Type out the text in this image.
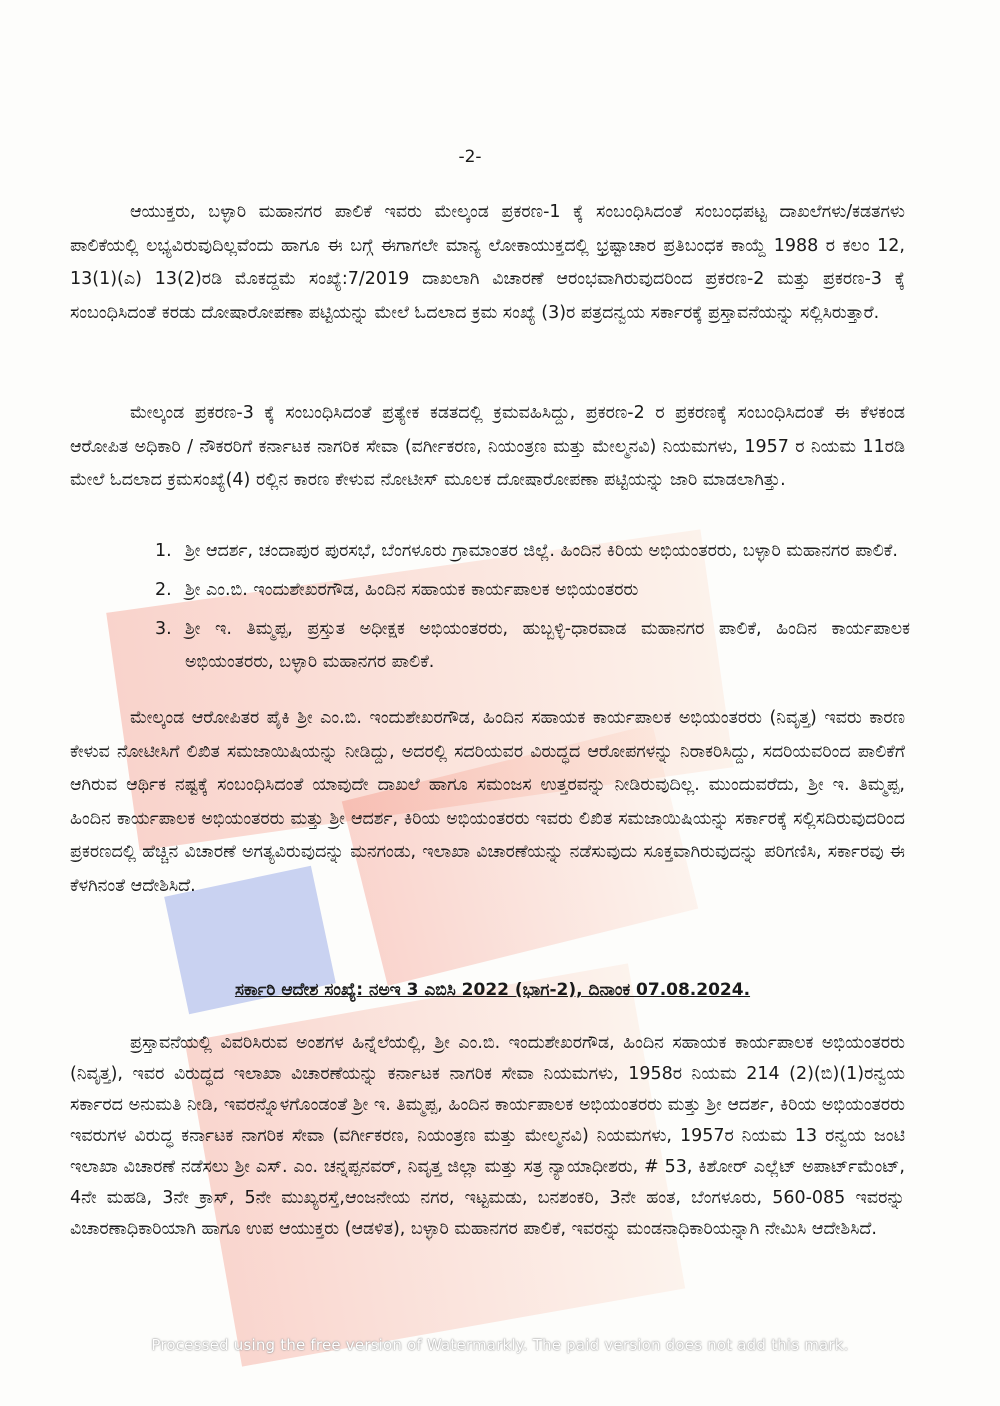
-2-

ಆಯುಕ್ತರು, ಬಳ್ಳಾರಿ ಮಹಾನಗರ ಪಾಲಿಕೆ ಇವರು ಮೇಲ್ಕಂಡ ಪ್ರಕರಣ-1 ಕ್ಕೆ ಸಂಬಂಧಿಸಿದಂತೆ ಸಂಬಂಧಪಟ್ಟ ದಾಖಲೆಗಳು/ಕಡತಗಳು ಪಾಲಿಕೆಯಲ್ಲಿ ಲಭ್ಯವಿರುವುದಿಲ್ಲವೆಂದು ಹಾಗೂ ಈ ಬಗ್ಗೆ ಈಗಾಗಲೇ ಮಾನ್ಯ ಲೋಕಾಯುಕ್ತದಲ್ಲಿ ಭ್ರಷ್ಟಾಚಾರ ಪ್ರತಿಬಂಧಕ ಕಾಯ್ದೆ 1988 ರ ಕಲಂ 12, 13(1)(ಎ) 13(2)ರಡಿ ಮೊಕದ್ದಮೆ ಸಂಖ್ಯೆ:7/2019 ದಾಖಲಾಗಿ ವಿಚಾರಣೆ ಆರಂಭವಾಗಿರುವುದರಿಂದ ಪ್ರಕರಣ-2 ಮತ್ತು ಪ್ರಕರಣ-3 ಕ್ಕೆ ಸಂಬಂಧಿಸಿದಂತೆ ಕರಡು ದೋಷಾರೋಪಣಾ ಪಟ್ಟಿಯನ್ನು ಮೇಲೆ ಓದಲಾದ ಕ್ರಮ ಸಂಖ್ಯೆ (3)ರ ಪತ್ರದನ್ವಯ ಸರ್ಕಾರಕ್ಕೆ ಪ್ರಸ್ತಾವನೆಯನ್ನು ಸಲ್ಲಿಸಿರುತ್ತಾರೆ.

ಮೇಲ್ಕಂಡ ಪ್ರಕರಣ-3 ಕ್ಕೆ ಸಂಬಂಧಿಸಿದಂತೆ ಪ್ರತ್ಯೇಕ ಕಡತದಲ್ಲಿ ಕ್ರಮವಹಿಸಿದ್ದು, ಪ್ರಕರಣ-2 ರ ಪ್ರಕರಣಕ್ಕೆ ಸಂಬಂಧಿಸಿದಂತೆ ಈ ಕೆಳಕಂಡ ಆರೋಪಿತ ಅಧಿಕಾರಿ / ನೌಕರರಿಗೆ ಕರ್ನಾಟಕ ನಾಗರಿಕ ಸೇವಾ (ವರ್ಗೀಕರಣ, ನಿಯಂತ್ರಣ ಮತ್ತು ಮೇಲ್ಮನವಿ) ನಿಯಮಗಳು, 1957 ರ ನಿಯಮ 11ರಡಿ ಮೇಲೆ ಓದಲಾದ ಕ್ರಮಸಂಖ್ಯೆ(4) ರಲ್ಲಿನ ಕಾರಣ ಕೇಳುವ ನೋಟೀಸ್ ಮೂಲಕ ದೋಷಾರೋಪಣಾ ಪಟ್ಟಿಯನ್ನು ಜಾರಿ ಮಾಡಲಾಗಿತ್ತು.

1. ಶ್ರೀ ಆದರ್ಶ, ಚಂದಾಪುರ ಪುರಸಭೆ, ಬೆಂಗಳೂರು ಗ್ರಾಮಾಂತರ ಜಿಲ್ಲೆ. ಹಿಂದಿನ ಕಿರಿಯ ಅಭಿಯಂತರರು, ಬಳ್ಳಾರಿ ಮಹಾನಗರ ಪಾಲಿಕೆ.
2. ಶ್ರೀ ಎಂ.ಬಿ. ಇಂದುಶೇಖರಗೌಡ, ಹಿಂದಿನ ಸಹಾಯಕ ಕಾರ್ಯಪಾಲಕ ಅಭಿಯಂತರರು
3. ಶ್ರೀ ಇ. ತಿಮ್ಮಪ್ಪ, ಪ್ರಸ್ತುತ ಅಧೀಕ್ಷಕ ಅಭಿಯಂತರರು, ಹುಬ್ಬಳ್ಳಿ-ಧಾರವಾಡ ಮಹಾನಗರ ಪಾಲಿಕೆ, ಹಿಂದಿನ ಕಾರ್ಯಪಾಲಕ ಅಭಿಯಂತರರು, ಬಳ್ಳಾರಿ ಮಹಾನಗರ ಪಾಲಿಕೆ.

ಮೇಲ್ಕಂಡ ಆರೋಪಿತರ ಪೈಕಿ ಶ್ರೀ ಎಂ.ಬಿ. ಇಂದುಶೇಖರಗೌಡ, ಹಿಂದಿನ ಸಹಾಯಕ ಕಾರ್ಯಪಾಲಕ ಅಭಿಯಂತರರು (ನಿವೃತ್ತ) ಇವರು ಕಾರಣ ಕೇಳುವ ನೋಟೀಸಿಗೆ ಲಿಖಿತ ಸಮಜಾಯಿಷಿಯನ್ನು ನೀಡಿದ್ದು, ಅದರಲ್ಲಿ ಸದರಿಯವರ ವಿರುದ್ಧದ ಆರೋಪಗಳನ್ನು ನಿರಾಕರಿಸಿದ್ದು, ಸದರಿಯವರಿಂದ ಪಾಲಿಕೆಗೆ ಆಗಿರುವ ಆರ್ಥಿಕ ನಷ್ಟಕ್ಕೆ ಸಂಬಂಧಿಸಿದಂತೆ ಯಾವುದೇ ದಾಖಲೆ ಹಾಗೂ ಸಮಂಜಸ ಉತ್ತರವನ್ನು ನೀಡಿರುವುದಿಲ್ಲ. ಮುಂದುವರೆದು, ಶ್ರೀ ಇ. ತಿಮ್ಮಪ್ಪ, ಹಿಂದಿನ ಕಾರ್ಯಪಾಲಕ ಅಭಿಯಂತರರು ಮತ್ತು ಶ್ರೀ ಆದರ್ಶ, ಕಿರಿಯ ಅಭಿಯಂತರರು ಇವರು ಲಿಖಿತ ಸಮಜಾಯಿಷಿಯನ್ನು ಸರ್ಕಾರಕ್ಕೆ ಸಲ್ಲಿಸದಿರುವುದರಿಂದ ಪ್ರಕರಣದಲ್ಲಿ ಹೆಚ್ಚಿನ ವಿಚಾರಣೆ ಅಗತ್ಯವಿರುವುದನ್ನು ಮನಗಂಡು, ಇಲಾಖಾ ವಿಚಾರಣೆಯನ್ನು ನಡೆಸುವುದು ಸೂಕ್ತವಾಗಿರುವುದನ್ನು ಪರಿಗಣಿಸಿ, ಸರ್ಕಾರವು ಈ ಕೆಳಗಿನಂತೆ ಆದೇಶಿಸಿದೆ.

ಸರ್ಕಾರಿ ಆದೇಶ ಸಂಖ್ಯೆ: ನಅಇ 3 ಎಬಿಸಿ 2022 (ಭಾಗ-2), ದಿನಾಂಕ 07.08.2024.

ಪ್ರಸ್ತಾವನೆಯಲ್ಲಿ ವಿವರಿಸಿರುವ ಅಂಶಗಳ ಹಿನ್ನೆಲೆಯಲ್ಲಿ, ಶ್ರೀ ಎಂ.ಬಿ. ಇಂದುಶೇಖರಗೌಡ, ಹಿಂದಿನ ಸಹಾಯಕ ಕಾರ್ಯಪಾಲಕ ಅಭಿಯಂತರರು (ನಿವೃತ್ತ), ಇವರ ವಿರುದ್ಧದ ಇಲಾಖಾ ವಿಚಾರಣೆಯನ್ನು ಕರ್ನಾಟಕ ನಾಗರಿಕ ಸೇವಾ ನಿಯಮಗಳು, 1958ರ ನಿಯಮ 214 (2)(ಬಿ)(1)ರನ್ವಯ ಸರ್ಕಾರದ ಅನುಮತಿ ನೀಡಿ, ಇವರನ್ನೊಳಗೊಂಡಂತೆ ಶ್ರೀ ಇ. ತಿಮ್ಮಪ್ಪ, ಹಿಂದಿನ ಕಾರ್ಯಪಾಲಕ ಅಭಿಯಂತರರು ಮತ್ತು ಶ್ರೀ ಆದರ್ಶ, ಕಿರಿಯ ಅಭಿಯಂತರರು ಇವರುಗಳ ವಿರುದ್ಧ ಕರ್ನಾಟಕ ನಾಗರಿಕ ಸೇವಾ (ವರ್ಗೀಕರಣ, ನಿಯಂತ್ರಣ ಮತ್ತು ಮೇಲ್ಮನವಿ) ನಿಯಮಗಳು, 1957ರ ನಿಯಮ 13 ರನ್ವಯ ಜಂಟಿ ಇಲಾಖಾ ವಿಚಾರಣೆ ನಡೆಸಲು ಶ್ರೀ ಎಸ್. ಎಂ. ಚನ್ನಪ್ಪನವರ್, ನಿವೃತ್ತ ಜಿಲ್ಲಾ ಮತ್ತು ಸತ್ರ ನ್ಯಾಯಾಧೀಶರು, # 53, ಕಿಶೋರ್ ಎಲ್ಲೆಟ್ ಅಪಾರ್ಟ್‌ಮೆಂಟ್, 4ನೇ ಮಹಡಿ, 3ನೇ ಕ್ರಾಸ್, 5ನೇ ಮುಖ್ಯರಸ್ತೆ,ಆಂಜನೇಯ ನಗರ, ಇಟ್ಟಮಡು, ಬನಶಂಕರಿ, 3ನೇ ಹಂತ, ಬೆಂಗಳೂರು, 560-085 ಇವರನ್ನು ವಿಚಾರಣಾಧಿಕಾರಿಯಾಗಿ ಹಾಗೂ ಉಪ ಆಯುಕ್ತರು (ಆಡಳಿತ), ಬಳ್ಳಾರಿ ಮಹಾನಗರ ಪಾಲಿಕೆ, ಇವರನ್ನು ಮಂಡನಾಧಿಕಾರಿಯನ್ನಾಗಿ ನೇಮಿಸಿ ಆದೇಶಿಸಿದೆ.

Processed using the free version of Watermarkly. The paid version does not add this mark.
